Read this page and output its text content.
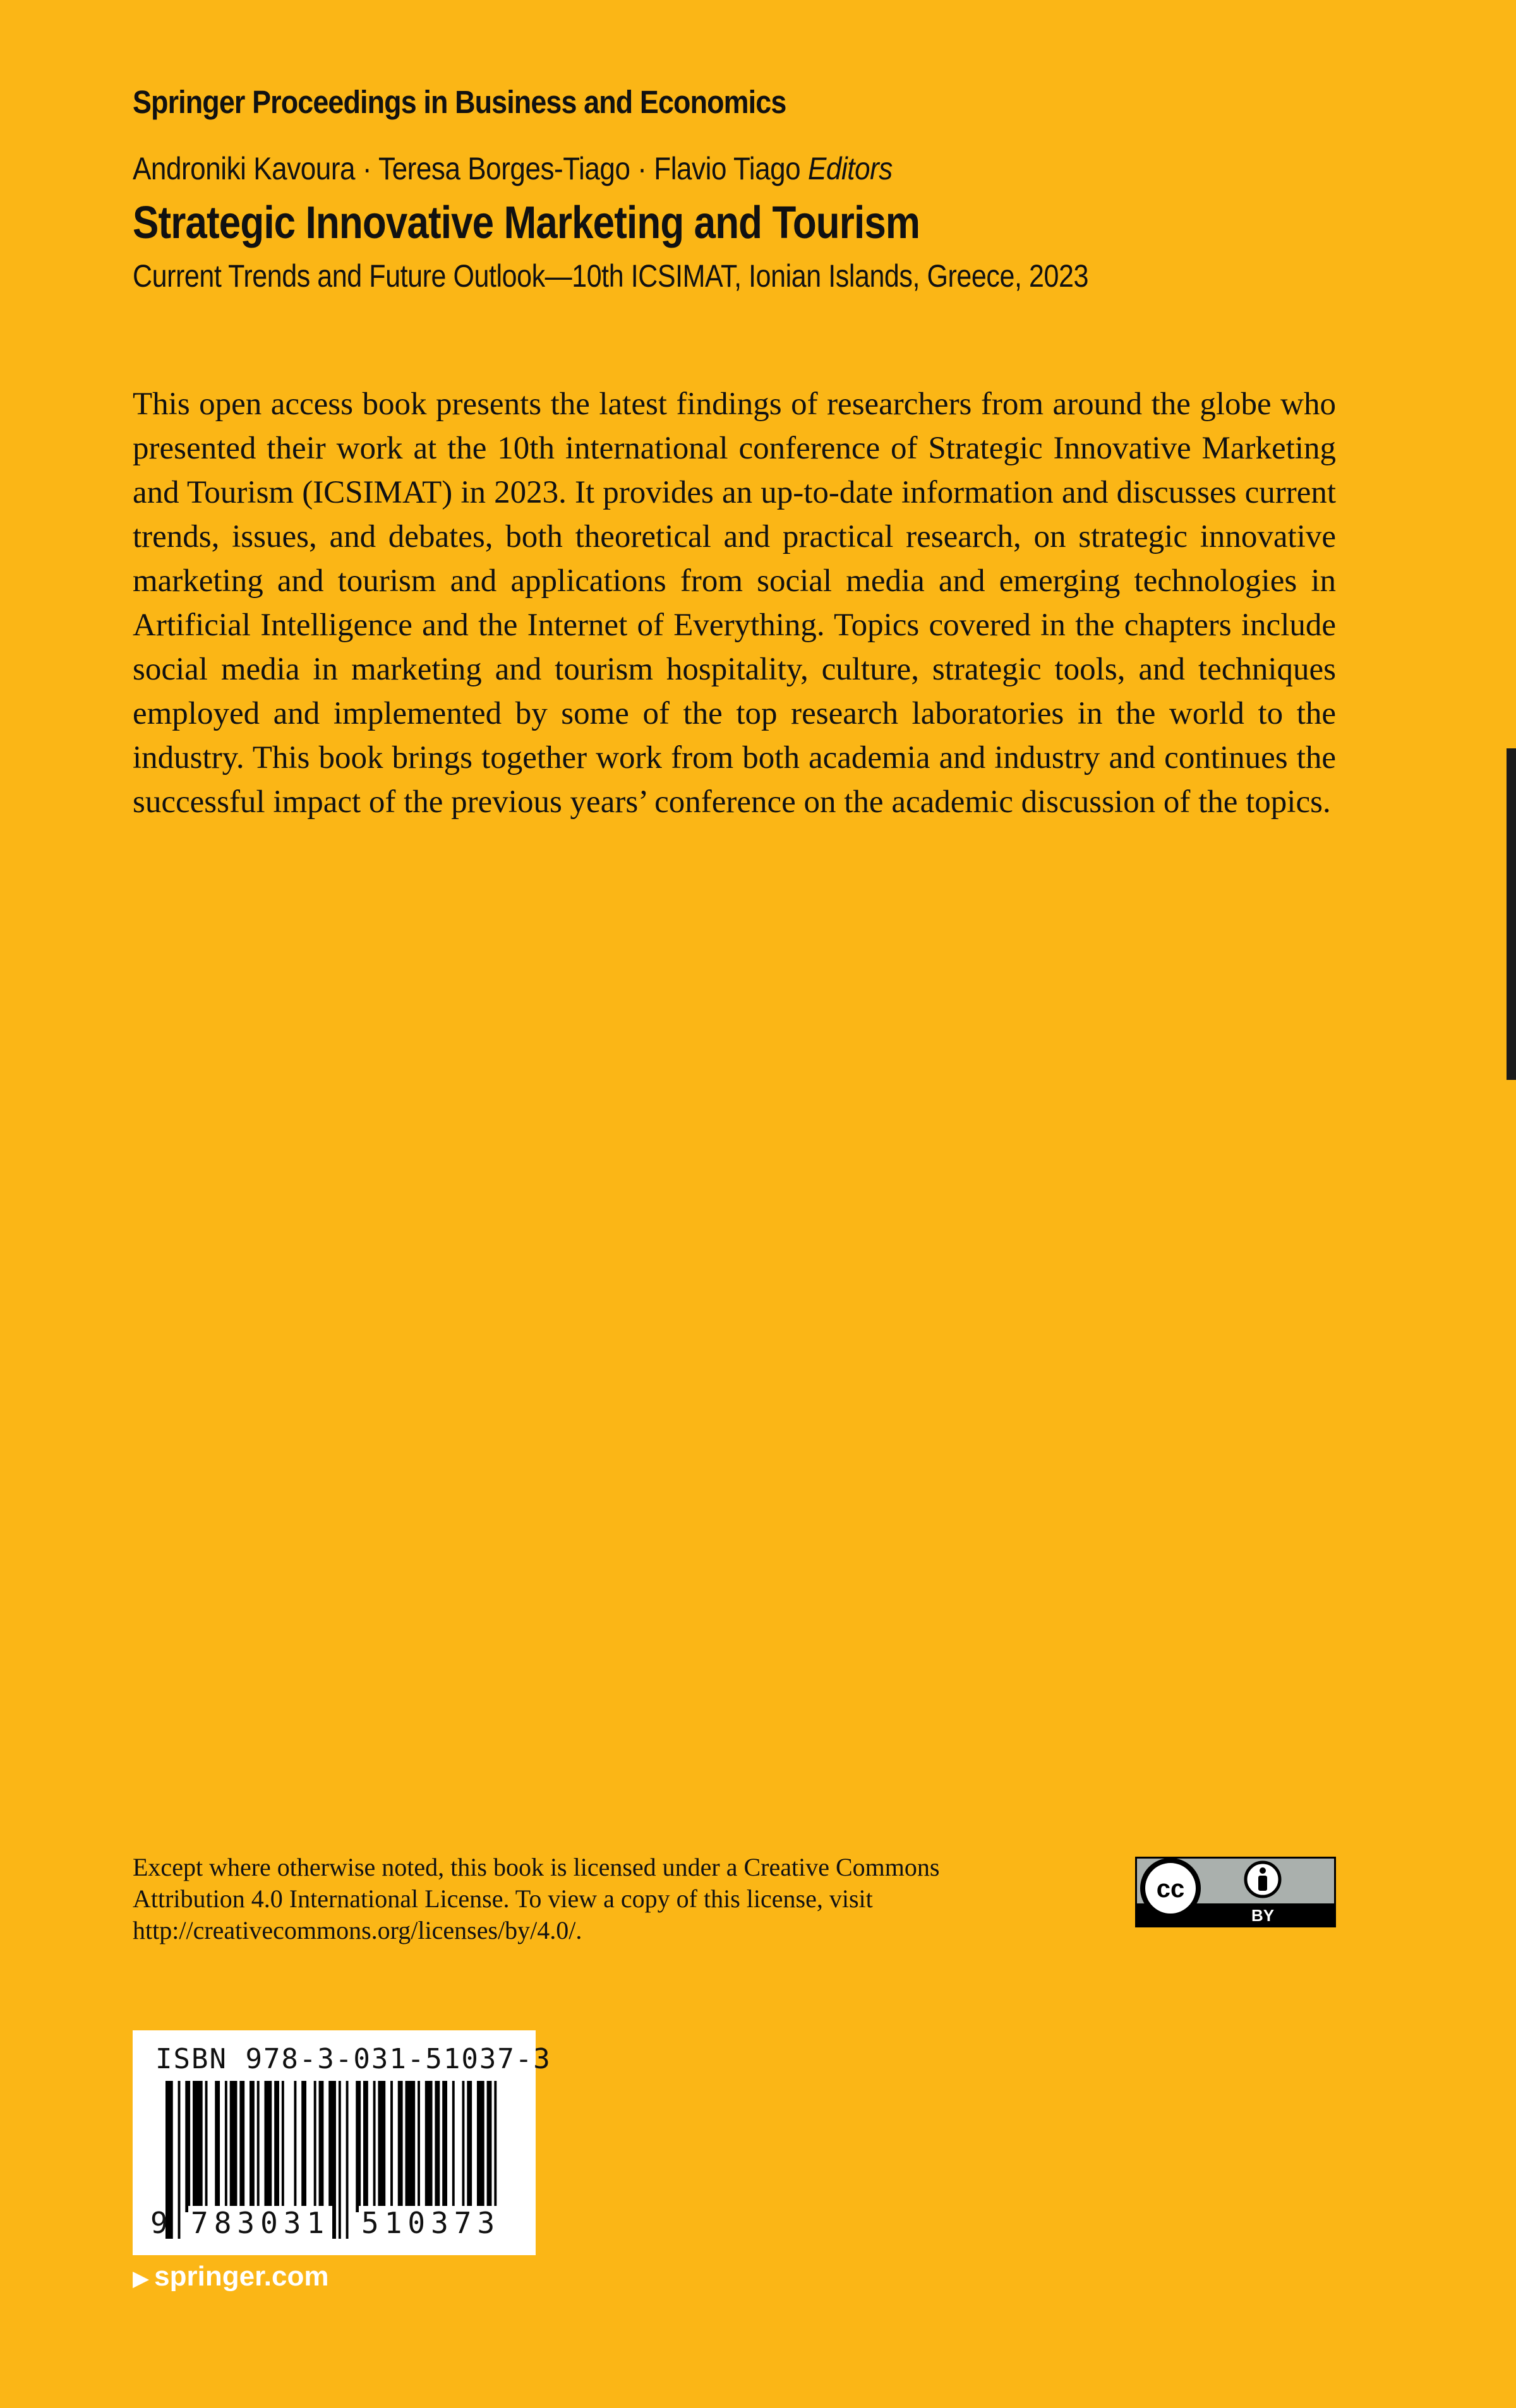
Springer Proceedings in Business and Economics
Androniki Kavoura · Teresa Borges-Tiago · Flavio Tiago Editors
Strategic Innovative Marketing and Tourism
Current Trends and Future Outlook—10th ICSIMAT, Ionian Islands, Greece, 2023

This open access book presents the latest findings of researchers from around the globe who presented their work at the 10th international conference of Strategic Innovative Marketing and Tourism (ICSIMAT) in 2023. It provides an up-to-date information and discusses current trends, issues, and debates, both theoretical and practical research, on strategic innovative marketing and tourism and applications from social media and emerging technologies in Artificial Intelligence and the Internet of Everything. Topics covered in the chapters include social media in marketing and tourism hospitality, culture, strategic tools, and techniques employed and implemented by some of the top research laboratories in the world to the industry. This book brings together work from both academia and industry and continues the successful impact of the previous years’ conference on the academic discussion of the topics.

Except where otherwise noted, this book is licensed under a Creative Commons Attribution 4.0 International License. To view a copy of this license, visit http://creativecommons.org/licenses/by/4.0/.

cc
BY
ISBN 978-3-031-51037-3
9 783031 510373
▶ springer.com
